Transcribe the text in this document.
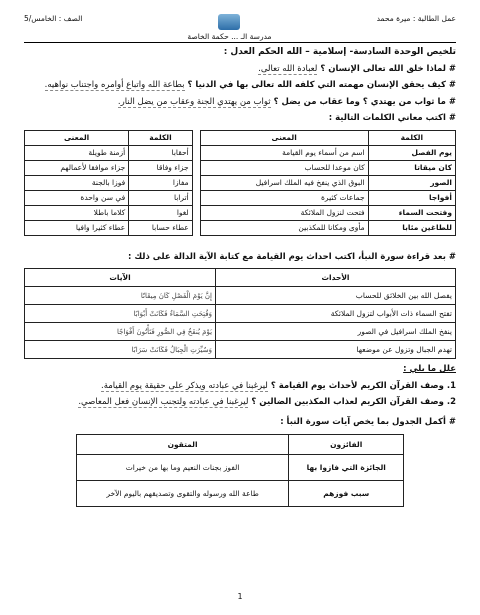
عمل الطالبة : ميرة محمد
مدرسة الـ ... حكمة الخاصة
الصف : الخامس/5
تلخيص الوحدة السادسة- إسلامية – الله الحكم العدل :
# لماذا خلق الله تعالى الإنسان ؟ لعبادة الله تعالى.
# كيف يحقق الإنسان مهمته التي كلفه الله تعالى بها في الدنيا ؟ بطاعة الله واتباع أوامره واجتناب نواهيه.
# ما ثواب من يهتدي ؟ وما عقاب من يضل ؟ ثواب من يهتدي الجنة وعقاب من يضل النار.
# اكتب معاني الكلمات التالية :
الكلمة	المعنى		الكلمة	المعنى
يوم الفصل	اسم من أسماء يوم القيامة		أحقابا	أزمنة طويلة
كان ميقاتا	كان موعدا للحساب		جزاء وفاقا	جزاء موافقا لأعمالهم
الصور	البوق الذي ينفخ فيه الملك اسرافيل		مفازا	فوزا بالجنة
أفواجا	جماعات كثيرة		أترابا	في سن واحدة
وفتحت السماء	فتحت لنزول الملائكة		لغوا	كلاما باطلا
للطاغين مئابا	مأوى ومكانا للمكذبين		عطاء حسابا	عطاء كثيرا وافيا
# بعد قراءة سورة النبأ، اكتب احداث يوم القيامة مع كتابة الآية الدالة على ذلك :
الأحداث	الآيات
يفصل الله بين الخلائق للحساب	إِنَّ يَوْمَ الْفَصْلِ كَانَ مِيقَاتًا
تفتح السماء ذات الأبواب لتزول الملائكة	وَفُتِحَتِ السَّمَاءُ فَكَانَتْ أَبْوَابًا
ينفخ الملك اسرافيل في الصور	يَوْمَ يُنفَخُ فِي الصُّورِ فَتَأْتُونَ أَفْوَاجًا
تهدم الجبال وتزول عن موضعها	وَسُيِّرَتِ الْجِبَالُ فَكَانَتْ سَرَابًا
علل ما يلي :
1. وصف القرآن الكريم لأحداث يوم القيامة ؟ ليرغبنا في عبادته ويذكر على حقيقة يوم القيامة.
2. وصف القرآن الكريم لعذاب المكذبين الضالين ؟ ليرغبنا في عبادته ولتجنب الإنسان فعل المعاصي.
# أكمل الجدول بما يخص آيات سورة النبأ :
الفائزون	المتقون
الجائزة التي فازوا بها	الفوز بجنات النعيم وما بها من خيرات
سبب فوزهم	طاعة الله ورسوله والتقوى وتصديقهم باليوم الآخر
1
